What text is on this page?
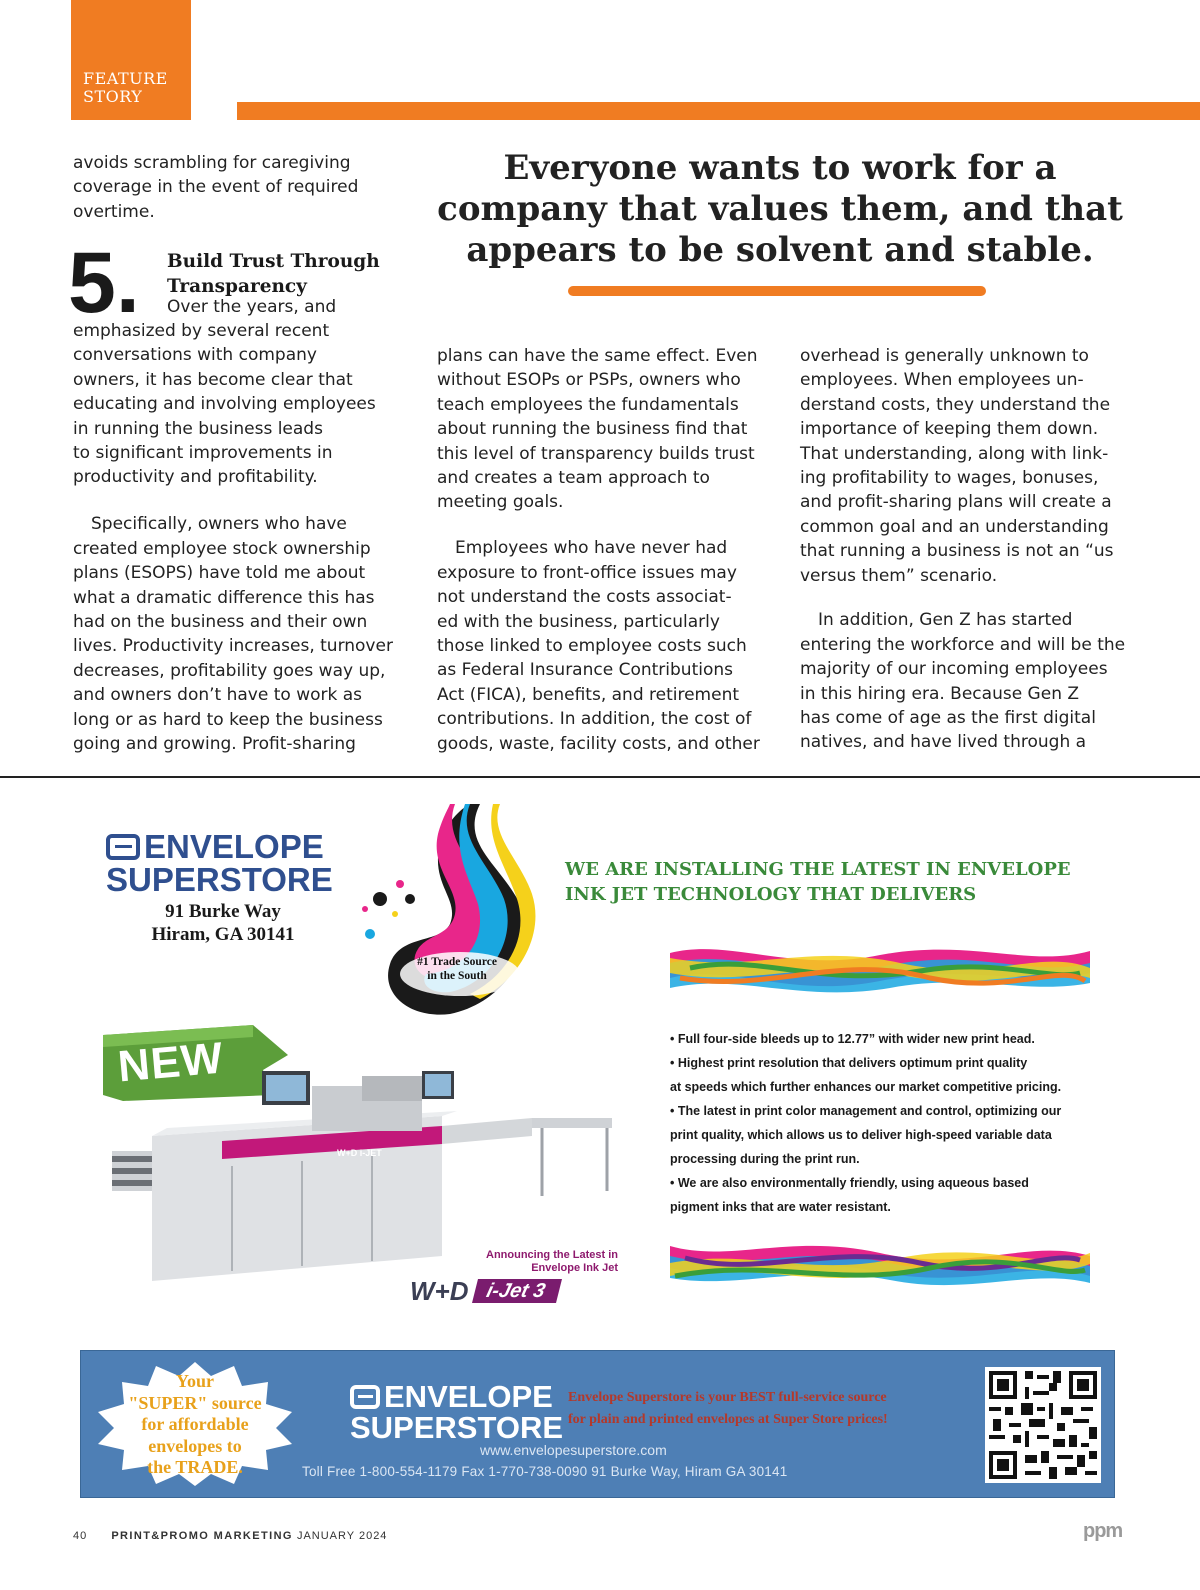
FEATURE
STORY
avoids scrambling for caregiving
coverage in the event of required
overtime.
5. Build Trust Through
Transparency
Over the years, and
emphasized by several recent
conversations with company
owners, it has become clear that
educating and involving employees
in running the business leads
to significant improvements in
productivity and profitability.

Specifically, owners who have
created employee stock ownership
plans (ESOPS) have told me about
what a dramatic difference this has
had on the business and their own
lives. Productivity increases, turnover
decreases, profitability goes way up,
and owners don’t have to work as
long or as hard to keep the business
going and growing. Profit-sharing

Everyone wants to work for a
company that values them, and that
appears to be solvent and stable.
plans can have the same effect. Even
without ESOPs or PSPs, owners who
teach employees the fundamentals
about running the business find that
this level of transparency builds trust
and creates a team approach to
meeting goals.

Employees who have never had
exposure to front-office issues may
not understand the costs associat-
ed with the business, particularly
those linked to employee costs such
as Federal Insurance Contributions
Act (FICA), benefits, and retirement
contributions. In addition, the cost of
goods, waste, facility costs, and other

overhead is generally unknown to
employees. When employees un-
derstand costs, they understand the
importance of keeping them down.
That understanding, along with link-
ing profitability to wages, bonuses,
and profit-sharing plans will create a
common goal and an understanding
that running a business is not an “us
versus them” scenario.

In addition, Gen Z has started
entering the workforce and will be the
majority of our incoming employees
in this hiring era. Because Gen Z
has come of age as the first digital
natives, and have lived through a

ENVELOPE
SUPERSTORE
91 Burke Way
Hiram, GA 30141
#1 Trade Source
in the South
NEW
W+D i-JET
Announcing the Latest in
Envelope Ink Jet
W+D i-Jet 3
WE ARE INSTALLING THE LATEST IN ENVELOPE
INK JET TECHNOLOGY THAT DELIVERS
• Full four-side bleeds up to 12.77” with wider new print head.
• Highest print resolution that delivers optimum print quality
at speeds which further enhances our market competitive pricing.
• The latest in print color management and control, optimizing our
print quality, which allows us to deliver high-speed variable data
processing during the print run.
• We are also environmentally friendly, using aqueous based
pigment inks that are water resistant.
Your
"SUPER" source
for affordable
envelopes to
the TRADE.
ENVELOPE
SUPERSTORE
Envelope Superstore is your BEST full-service source
for plain and printed envelopes at Super Store prices!
www.envelopesuperstore.com
Toll Free 1-800-554-1179 Fax 1-770-738-0090 91 Burke Way, Hiram GA 30141
40 PRINT&PROMO MARKETING JANUARY 2024	ppm
